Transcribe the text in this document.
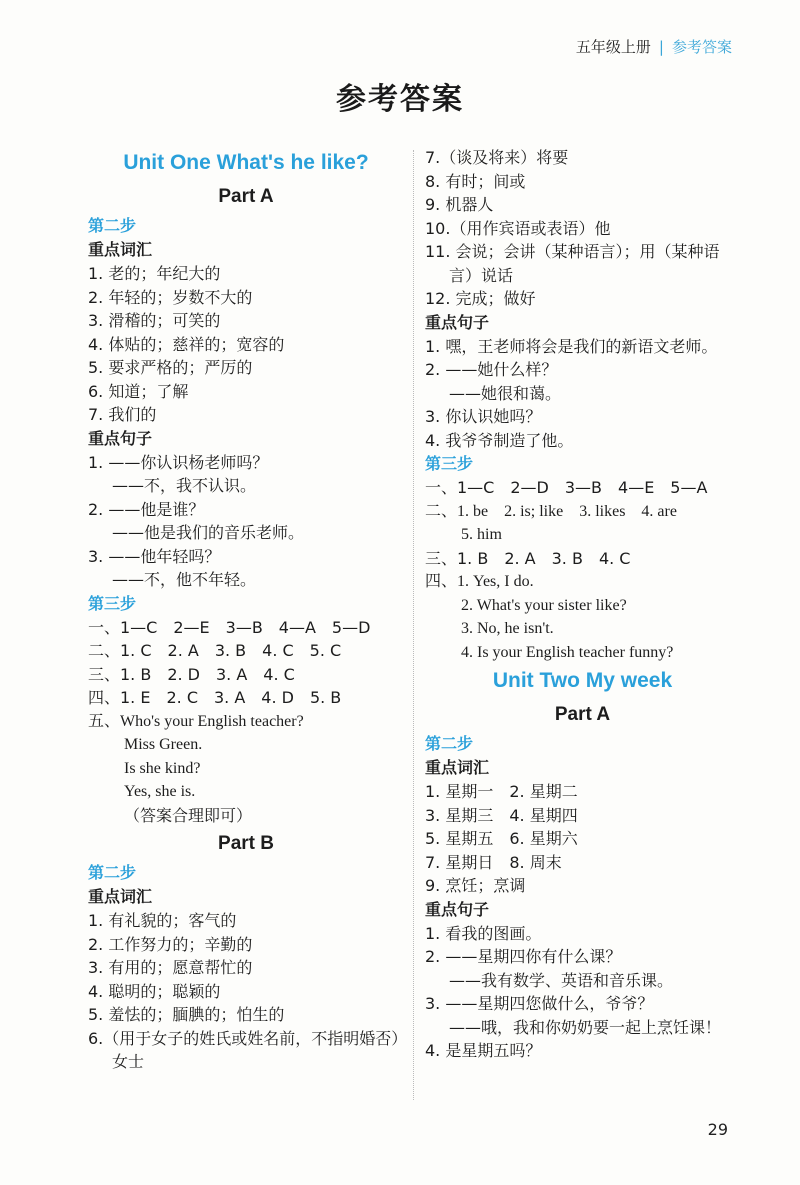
五年级上册 | 参考答案
参考答案
Unit One What's he like?
Part A
第二步
重点词汇
1. 老的；年纪大的
2. 年轻的；岁数不大的
3. 滑稽的；可笑的
4. 体贴的；慈祥的；宽容的
5. 要求严格的；严厉的
6. 知道；了解
7. 我们的
重点句子
1. ——你认识杨老师吗？
——不，我不认识。
2. ——他是谁？
——他是我们的音乐老师。
3. ——他年轻吗？
——不，他不年轻。
第三步
一、1—C　2—E　3—B　4—A　5—D
二、1. C　2. A　3. B　4. C　5. C
三、1. B　2. D　3. A　4. C
四、1. E　2. C　3. A　4. D　5. B
五、Who's your English teacher?
Miss Green.
Is she kind?
Yes, she is.
（答案合理即可）
Part B
第二步
重点词汇
1. 有礼貌的；客气的
2. 工作努力的；辛勤的
3. 有用的；愿意帮忙的
4. 聪明的；聪颖的
5. 羞怯的；腼腆的；怕生的
6.（用于女子的姓氏或姓名前，不指明婚否）女士
7.（谈及将来）将要
8. 有时；间或
9. 机器人
10.（用作宾语或表语）他
11. 会说；会讲（某种语言）；用（某种语言）说话
12. 完成；做好
重点句子
1. 嘿，王老师将会是我们的新语文老师。
2. ——她什么样？
——她很和蔼。
3. 你认识她吗？
4. 我爷爷制造了他。
第三步
一、1—C　2—D　3—B　4—E　5—A
二、1. be　2. is; like　3. likes　4. are
5. him
三、1. B　2. A　3. B　4. C
四、1. Yes, I do.
2. What's your sister like?
3. No, he isn't.
4. Is your English teacher funny?
Unit Two My week
Part A
第二步
重点词汇
1. 星期一　2. 星期二
3. 星期三　4. 星期四
5. 星期五　6. 星期六
7. 星期日　8. 周末
9. 烹饪；烹调
重点句子
1. 看我的图画。
2. ——星期四你有什么课？
——我有数学、英语和音乐课。
3. ——星期四您做什么，爷爷？
——哦，我和你奶奶要一起上烹饪课！
4. 是星期五吗？
29
